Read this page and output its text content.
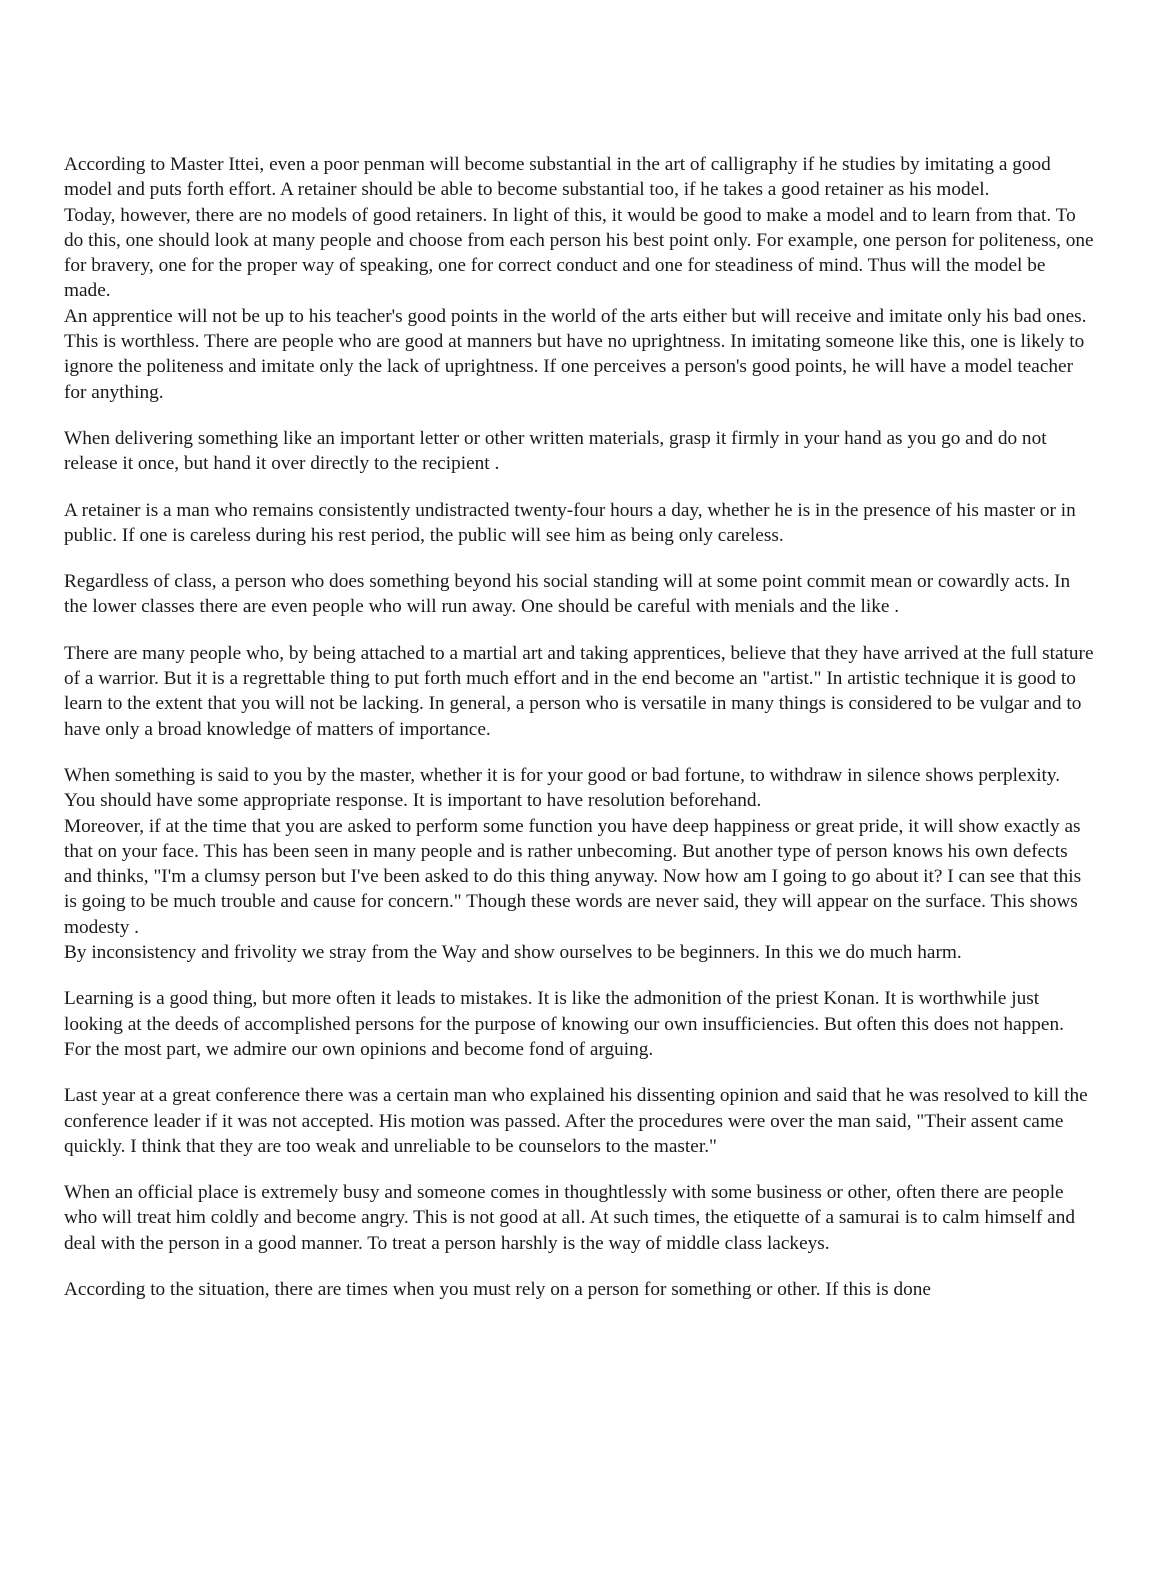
According to Master Ittei, even a poor penman will become substantial in the art of calligraphy if he studies by imitating a good model and puts forth effort. A retainer should be able to become substantial too, if he takes a good retainer as his model.

Today, however, there are no models of good retainers. In light of this, it would be good to make a model and to learn from that. To do this, one should look at many people and choose from each person his best point only. For example, one person for politeness, one for bravery, one for the proper way of speaking, one for correct conduct and one for steadiness of mind. Thus will the model be made.

An apprentice will not be up to his teacher's good points in the world of the arts either but will receive and imitate only his bad ones. This is worthless. There are people who are good at manners but have no uprightness. In imitating someone like this, one is likely to ignore the politeness and imitate only the lack of uprightness. If one perceives a person's good points, he will have a model teacher for anything.

When delivering something like an important letter or other written materials, grasp it firmly in your hand as you go and do not release it once, but hand it over directly to the recipient .

A retainer is a man who remains consistently undistracted twenty-four hours a day, whether he is in the presence of his master or in public. If one is careless during his rest period, the public will see him as being only careless.

Regardless of class, a person who does something beyond his social standing will at some point commit mean or cowardly acts. In the lower classes there are even people who will run away. One should be careful with menials and the like .

There are many people who, by being attached to a martial art and taking apprentices, believe that they have arrived at the full stature of a warrior. But it is a regrettable thing to put forth much effort and in the end become an "artist." In artistic technique it is good to learn to the extent that you will not be lacking. In general, a person who is versatile in many things is considered to be vulgar and to have only a broad knowledge of matters of importance.

When something is said to you by the master, whether it is for your good or bad fortune, to withdraw in silence shows perplexity. You should have some appropriate response. It is important to have resolution beforehand.

Moreover, if at the time that you are asked to perform some function you have deep happiness or great pride, it will show exactly as that on your face. This has been seen in many people and is rather unbecoming. But another type of person knows his own defects and thinks, "I'm a clumsy person but I've been asked to do this thing anyway. Now how am I going to go about it? I can see that this is going to be much trouble and cause for concern." Though these words are never said, they will appear on the surface. This shows modesty .

By inconsistency and frivolity we stray from the Way and show ourselves to be beginners. In this we do much harm.

Learning is a good thing, but more often it leads to mistakes. It is like the admonition of the priest Konan. It is worthwhile just looking at the deeds of accomplished persons for the purpose of knowing our own insufficiencies. But often this does not happen. For the most part, we admire our own opinions and become fond of arguing.

Last year at a great conference there was a certain man who explained his dissenting opinion and said that he was resolved to kill the conference leader if it was not accepted. His motion was passed. After the procedures were over the man said, "Their assent came quickly. I think that they are too weak and unreliable to be counselors to the master."

When an official place is extremely busy and someone comes in thoughtlessly with some business or other, often there are people who will treat him coldly and become angry. This is not good at all. At such times, the etiquette of a samurai is to calm himself and deal with the person in a good manner. To treat a person harshly is the way of middle class lackeys.

According to the situation, there are times when you must rely on a person for something or other. If this is done
